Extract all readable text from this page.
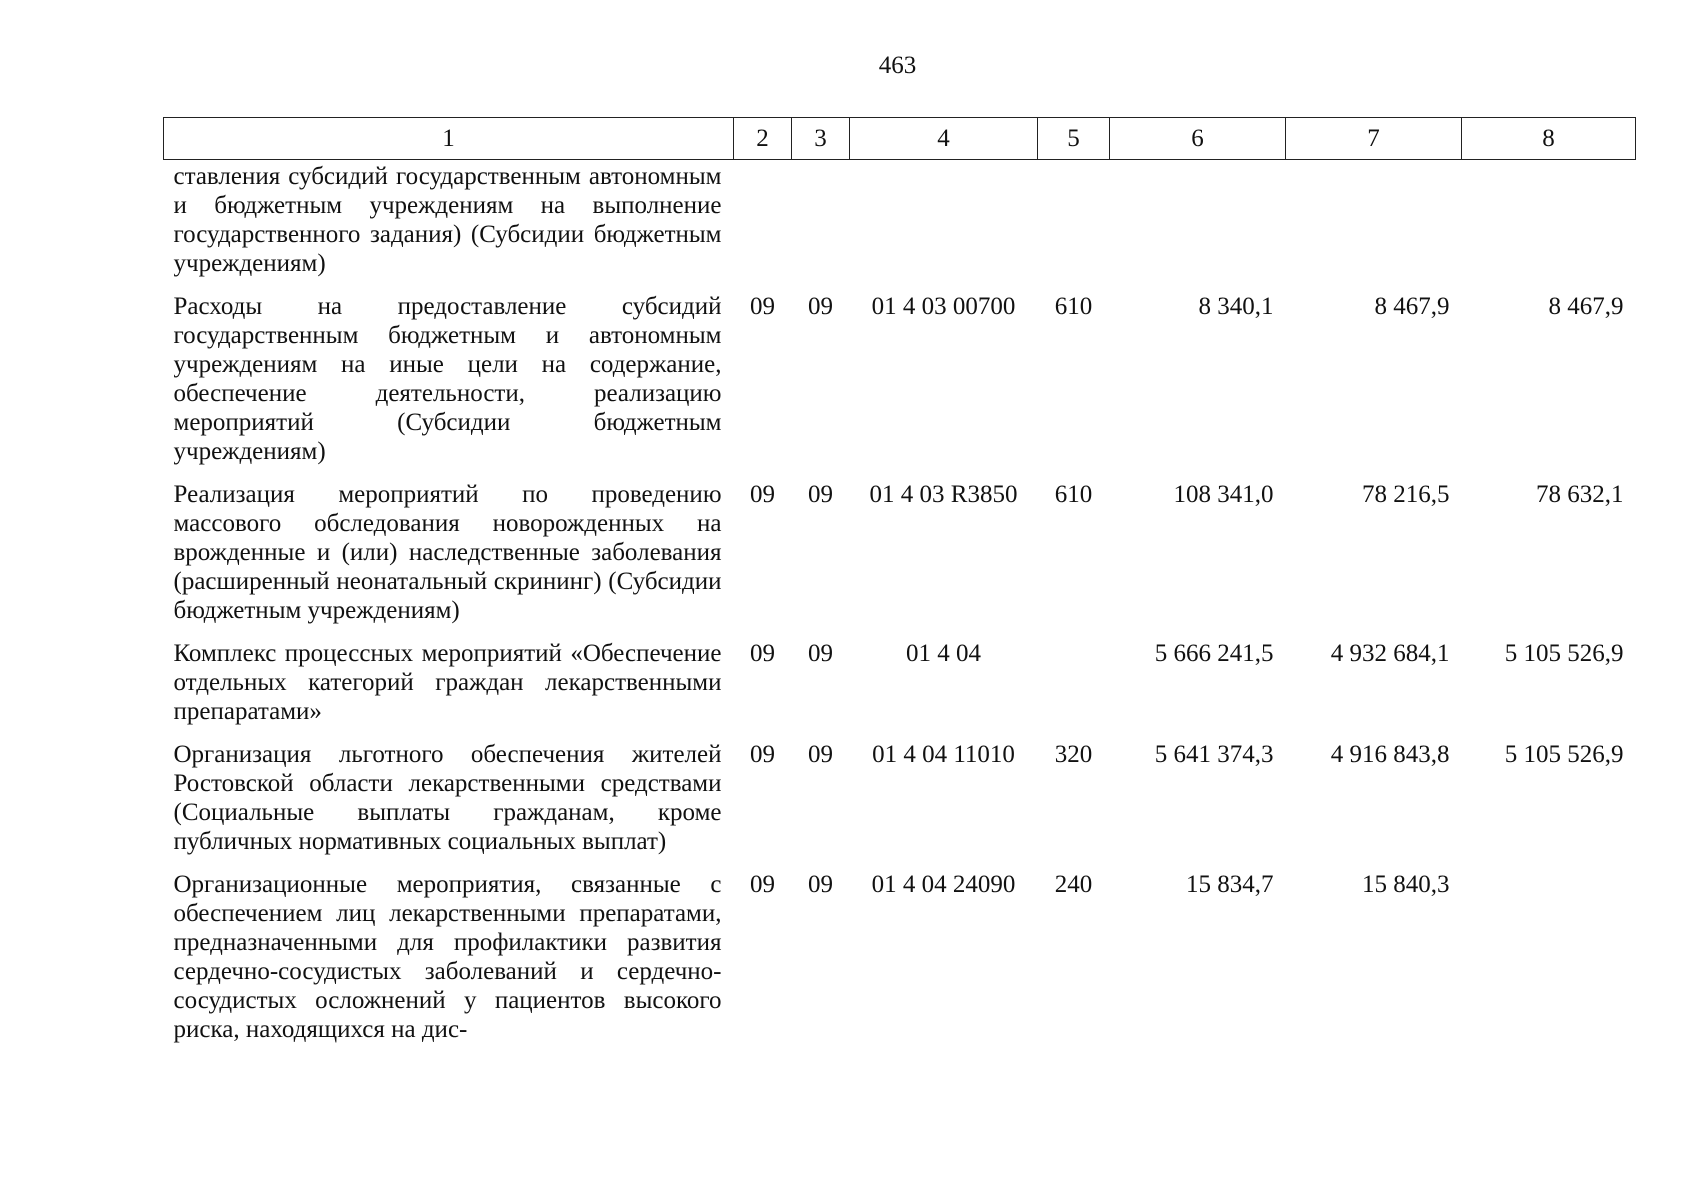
463
1	2	3	4	5	6	7	8
ставления субсидий государственным автономным и бюджетным учреждениям на выполнение государственного задания) (Субсидии бюджетным учреждениям)							
Расходы на предоставление субсидий государственным бюджетным и автономным учреждениям на иные цели на содержание, обеспечение деятельности, реализацию мероприятий (Субсидии бюджетным учреждениям)	09	09	01 4 03 00700	610	8 340,1	8 467,9	8 467,9
Реализация мероприятий по проведению массового обследования новорожденных на врожденные и (или) наследственные заболевания (расширенный неонатальный скрининг) (Субсидии бюджетным учреждениям)	09	09	01 4 03 R3850	610	108 341,0	78 216,5	78 632,1
Комплекс процессных мероприятий «Обеспечение отдельных категорий граждан лекарственными препаратами»	09	09	01 4 04		5 666 241,5	4 932 684,1	5 105 526,9
Организация льготного обеспечения жителей Ростовской области лекарственными средствами (Социальные выплаты гражданам, кроме публичных нормативных социальных выплат)	09	09	01 4 04 11010	320	5 641 374,3	4 916 843,8	5 105 526,9
Организационные мероприятия, связанные с обеспечением лиц лекарственными препаратами, предназначенными для профилактики развития сердечно-сосудистых заболеваний и сердечно-сосудистых осложнений у пациентов высокого риска, находящихся на дис-	09	09	01 4 04 24090	240	15 834,7	15 840,3	
